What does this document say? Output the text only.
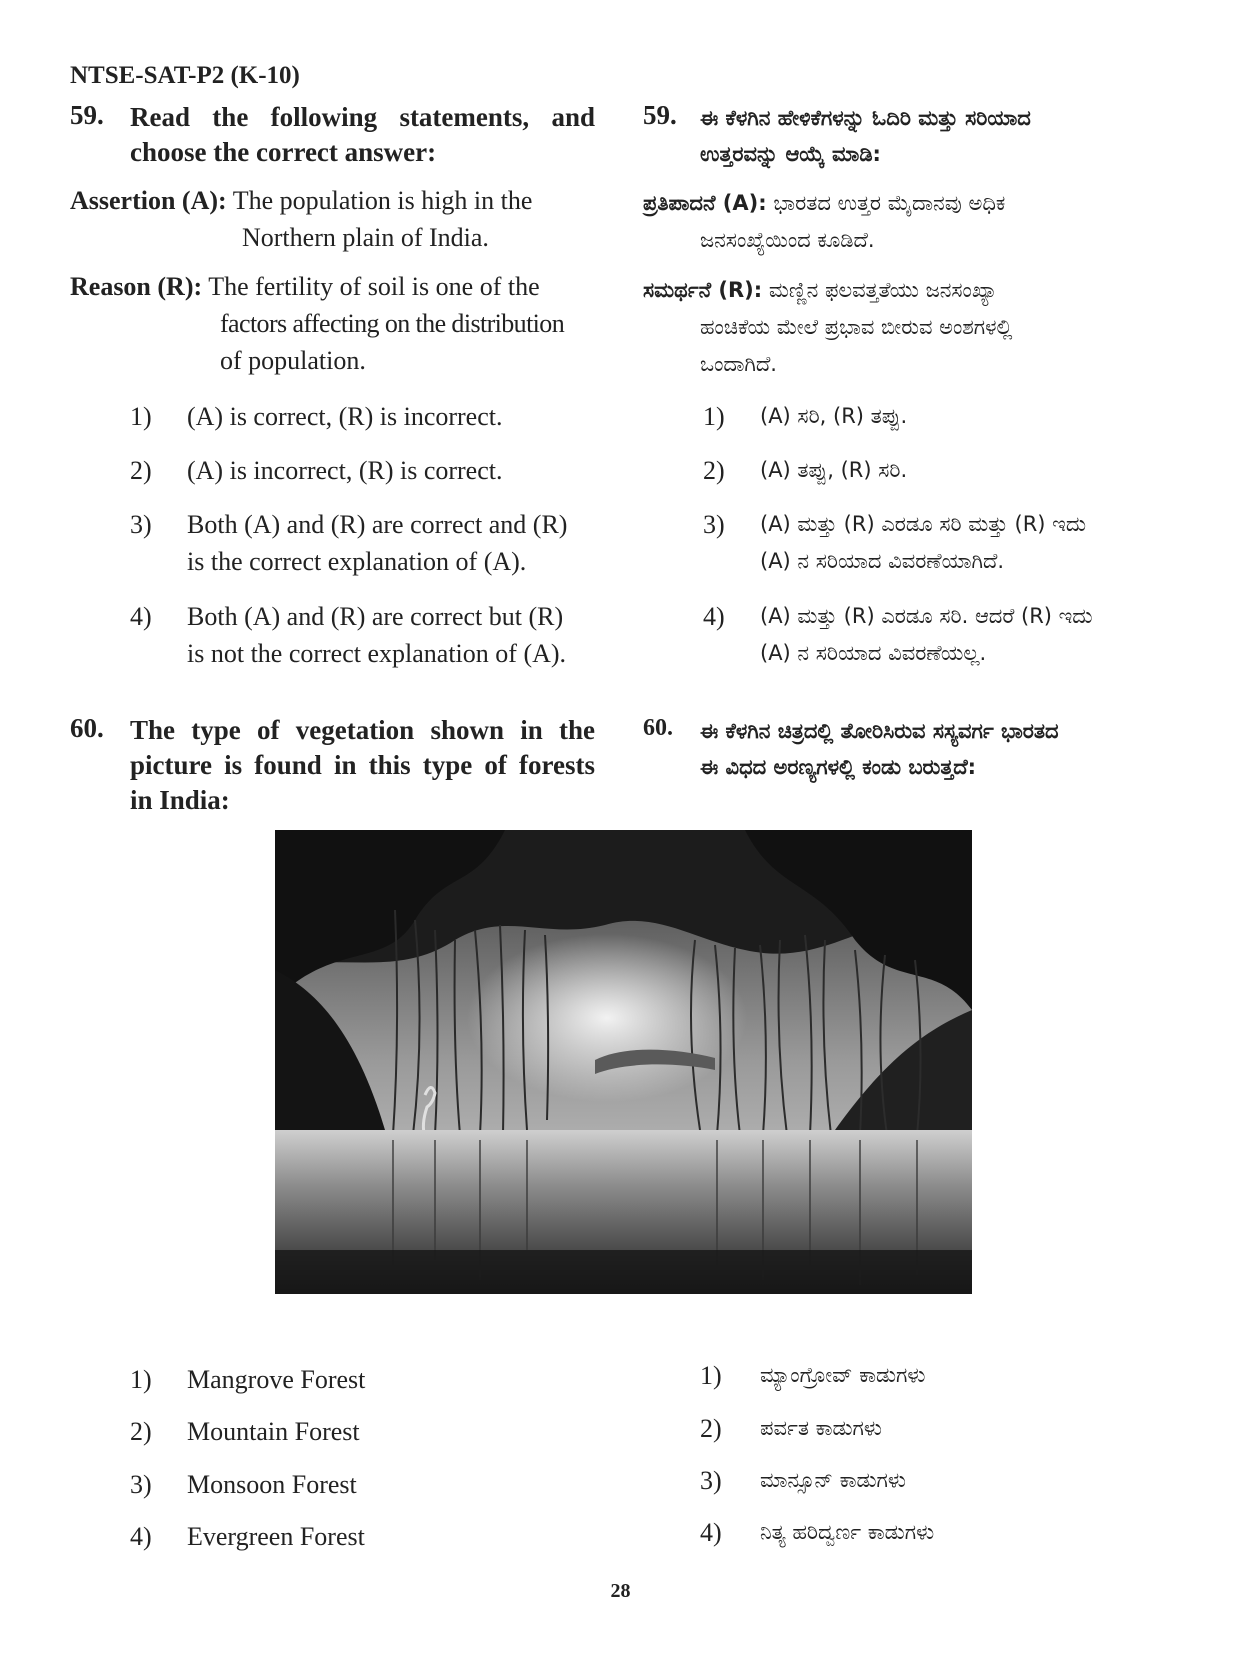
NTSE-SAT-P2 (K-10)
59. Read the following statements, and
choose the correct answer:
Assertion (A): The population is high in the
Northern plain of India.
Reason (R): The fertility of soil is one of the
factors affecting on the distribution
of population.
1) (A) is correct, (R) is incorrect.
2) (A) is incorrect, (R) is correct.
3) Both (A) and (R) are correct and (R)
is the correct explanation of (A).
4) Both (A) and (R) are correct but (R)
is not the correct explanation of (A).
59. ಈ ಕೆಳಗಿನ ಹೇಳಿಕೆಗಳನ್ನು ಓದಿರಿ ಮತ್ತು ಸರಿಯಾದ
ಉತ್ತರವನ್ನು ಆಯ್ಕೆ ಮಾಡಿ:
ಪ್ರತಿಪಾದನೆ (A): ಭಾರತದ ಉತ್ತರ ಮೈದಾನವು ಅಧಿಕ
ಜನಸಂಖ್ಯೆಯಿಂದ ಕೂಡಿದೆ.
ಸಮರ್ಥನೆ (R): ಮಣ್ಣಿನ ಫಲವತ್ತತೆಯು ಜನಸಂಖ್ಯಾ
ಹಂಚಿಕೆಯ ಮೇಲೆ ಪ್ರಭಾವ ಬೀರುವ ಅಂಶಗಳಲ್ಲಿ
ಒಂದಾಗಿದೆ.
1) (A) ಸರಿ, (R) ತಪ್ಪು.
2) (A) ತಪ್ಪು, (R) ಸರಿ.
3) (A) ಮತ್ತು (R) ಎರಡೂ ಸರಿ ಮತ್ತು (R) ಇದು
(A) ನ ಸರಿಯಾದ ವಿವರಣೆಯಾಗಿದೆ.
4) (A) ಮತ್ತು (R) ಎರಡೂ ಸರಿ. ಆದರೆ (R) ಇದು
(A) ನ ಸರಿಯಾದ ವಿವರಣೆಯಲ್ಲ.
60. The type of vegetation shown in the
picture is found in this type of forests
in India:
60. ಈ ಕೆಳಗಿನ ಚಿತ್ರದಲ್ಲಿ ತೋರಿಸಿರುವ ಸಸ್ಯವರ್ಗ ಭಾರತದ
ಈ ವಿಧದ ಅರಣ್ಯಗಳಲ್ಲಿ ಕಂಡು ಬರುತ್ತದೆ:
1) Mangrove Forest
2) Mountain Forest
3) Monsoon Forest
4) Evergreen Forest
1) ಮ್ಯಾಂಗ್ರೋವ್ ಕಾಡುಗಳು
2) ಪರ್ವತ ಕಾಡುಗಳು
3) ಮಾನ್ಸೂನ್ ಕಾಡುಗಳು
4) ನಿತ್ಯ ಹರಿದ್ವರ್ಣ ಕಾಡುಗಳು
28
